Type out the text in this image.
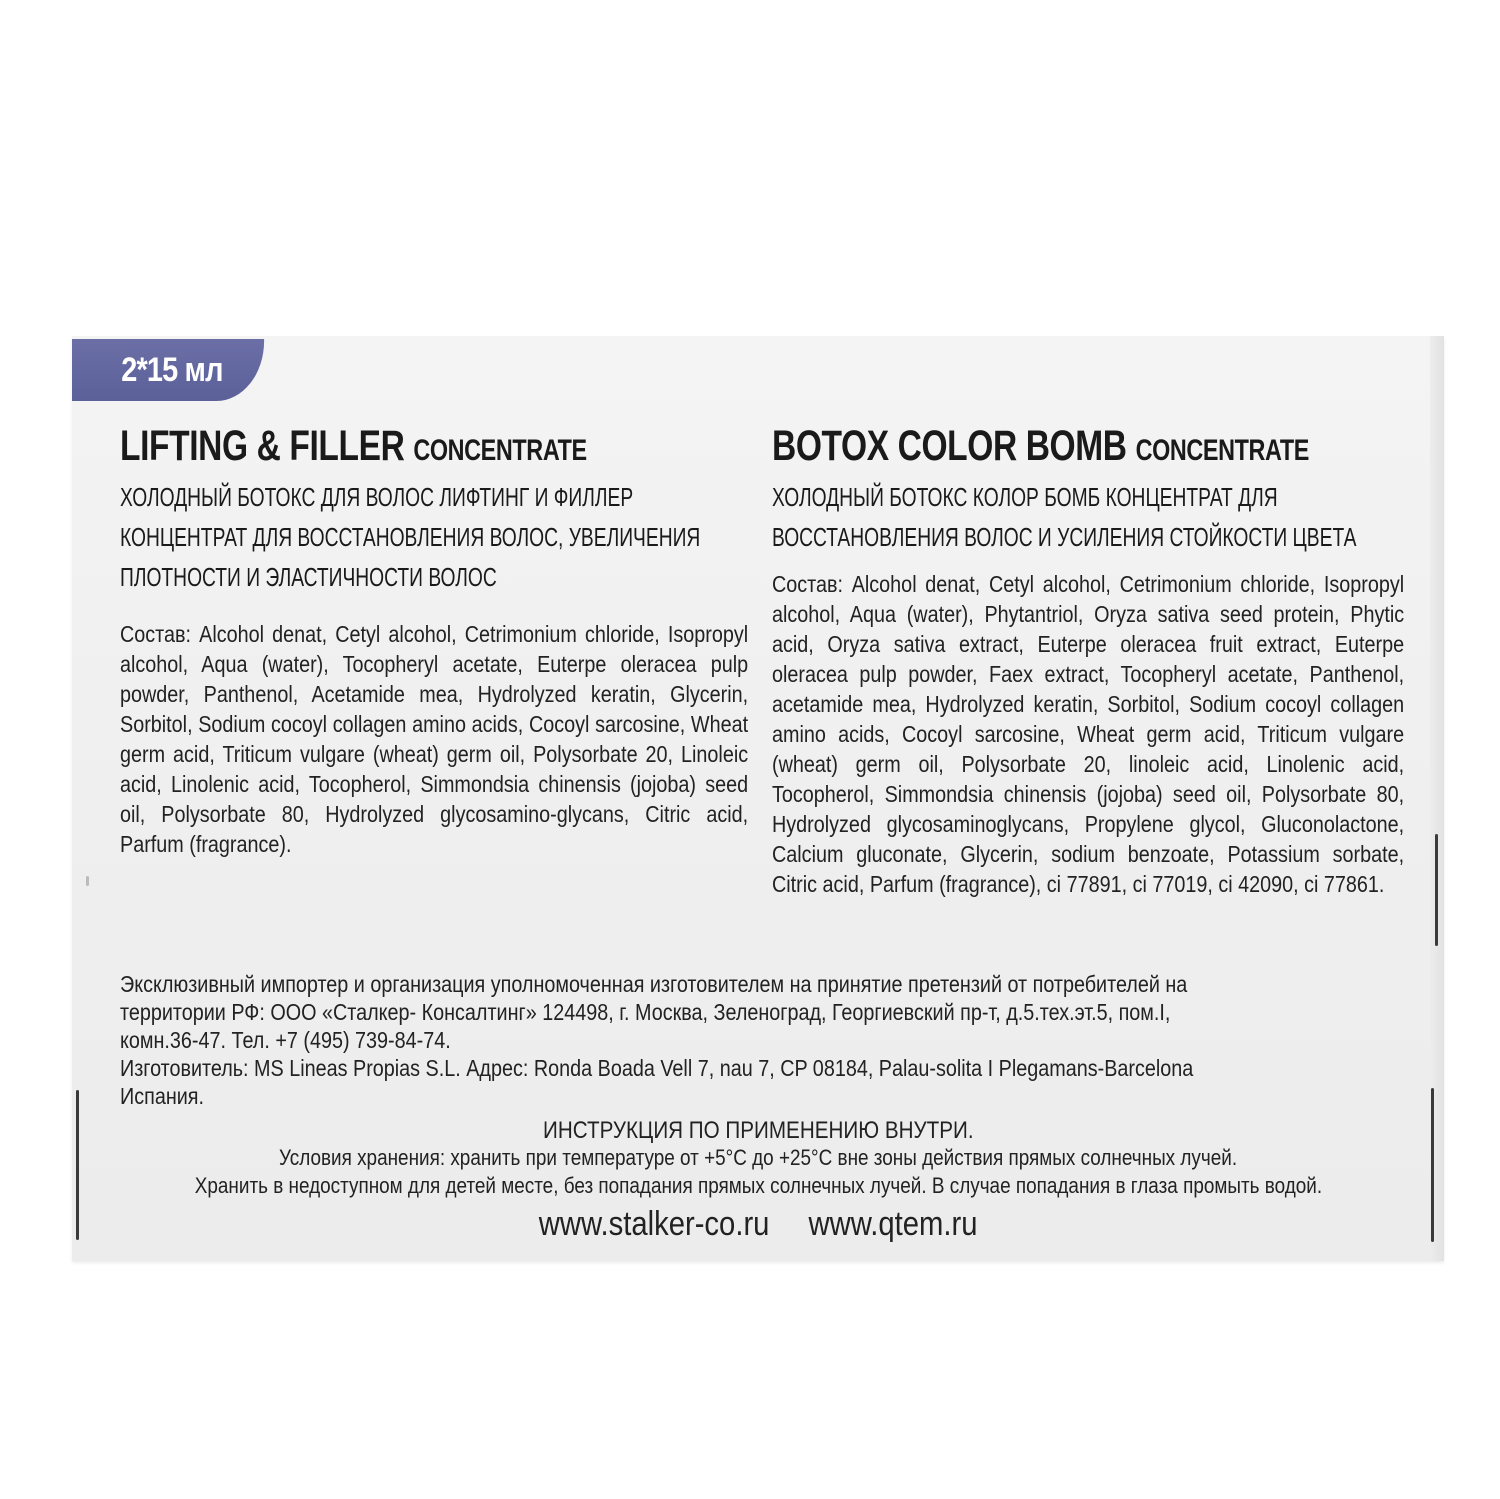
2*15 мл
LIFTING & FILLER CONCENTRATE
ХОЛОДНЫЙ БОТОКС ДЛЯ ВОЛОС ЛИФТИНГ И ФИЛЛЕР
КОНЦЕНТРАТ ДЛЯ ВОССТАНОВЛЕНИЯ ВОЛОС, УВЕЛИЧЕНИЯ
ПЛОТНОСТИ И ЭЛАСТИЧНОСТИ ВОЛОС
Состав: Alcohol denat, Cetyl alcohol, Cetrimonium chloride, Isopropyl alcohol, Aqua (water), Tocopheryl acetate, Euterpe oleracea pulp powder, Panthenol, Acetamide mea, Hydrolyzed keratin, Glycerin, Sorbitol, Sodium cocoyl collagen amino acids, Cocoyl sarcosine, Wheat germ acid, Triticum vulgare (wheat) germ oil, Polysorbate 20, Linoleic acid, Linolenic acid, Tocopherol, Simmondsia chinensis (jojoba) seed oil, Polysorbate 80, Hydrolyzed glycosamino-glycans, Citric acid, Parfum (fragrance).
BOTOX COLOR BOMB CONCENTRATE
ХОЛОДНЫЙ БОТОКС КОЛОР БОМБ КОНЦЕНТРАТ ДЛЯ
ВОССТАНОВЛЕНИЯ ВОЛОС И УСИЛЕНИЯ СТОЙКОСТИ ЦВЕТА
Состав: Alcohol denat, Cetyl alcohol, Cetrimonium chloride, Isopropyl alcohol, Aqua (water), Phytantriol, Oryza sativa seed protein, Phytic acid, Oryza sativa extract, Euterpe oleracea fruit extract, Euterpe oleracea pulp powder, Faex extract, Tocopheryl acetate, Panthenol, acetamide mea, Hydrolyzed keratin, Sorbitol, Sodium cocoyl collagen amino acids, Cocoyl sarcosine, Wheat germ acid, Triticum vulgare (wheat) germ oil, Polysorbate 20, linoleic acid, Linolenic acid, Tocopherol, Simmondsia chinensis (jojoba) seed oil, Polysorbate 80, Hydrolyzed glycosaminoglycans, Propylene glycol, Gluconolactone, Calcium gluconate, Glycerin, sodium benzoate, Potassium sorbate, Citric acid, Parfum (fragrance), ci 77891, ci 77019, ci 42090, ci 77861.
Эксклюзивный импортер и организация уполномоченная изготовителем на принятие претензий от потребителей на
территории РФ: ООО «Сталкер- Консалтинг» 124498, г. Москва, Зеленоград, Георгиевский пр-т, д.5.тех.эт.5, пом.I,
комн.36-47. Тел. +7 (495) 739-84-74.
Изготовитель: MS Lineas Propias S.L. Адрес: Ronda Boada Vell 7, nau 7, CP 08184, Palau-solita I Plegamans-Barcelona
Испания.
ИНСТРУКЦИЯ ПО ПРИМЕНЕНИЮ ВНУТРИ.
Условия хранения: хранить при температуре от +5°C до +25°C вне зоны действия прямых солнечных лучей.
Хранить в недоступном для детей месте, без попадания прямых солнечных лучей. В случае попадания в глаза промыть водой.
www.stalker-co.ru www.qtem.ru
